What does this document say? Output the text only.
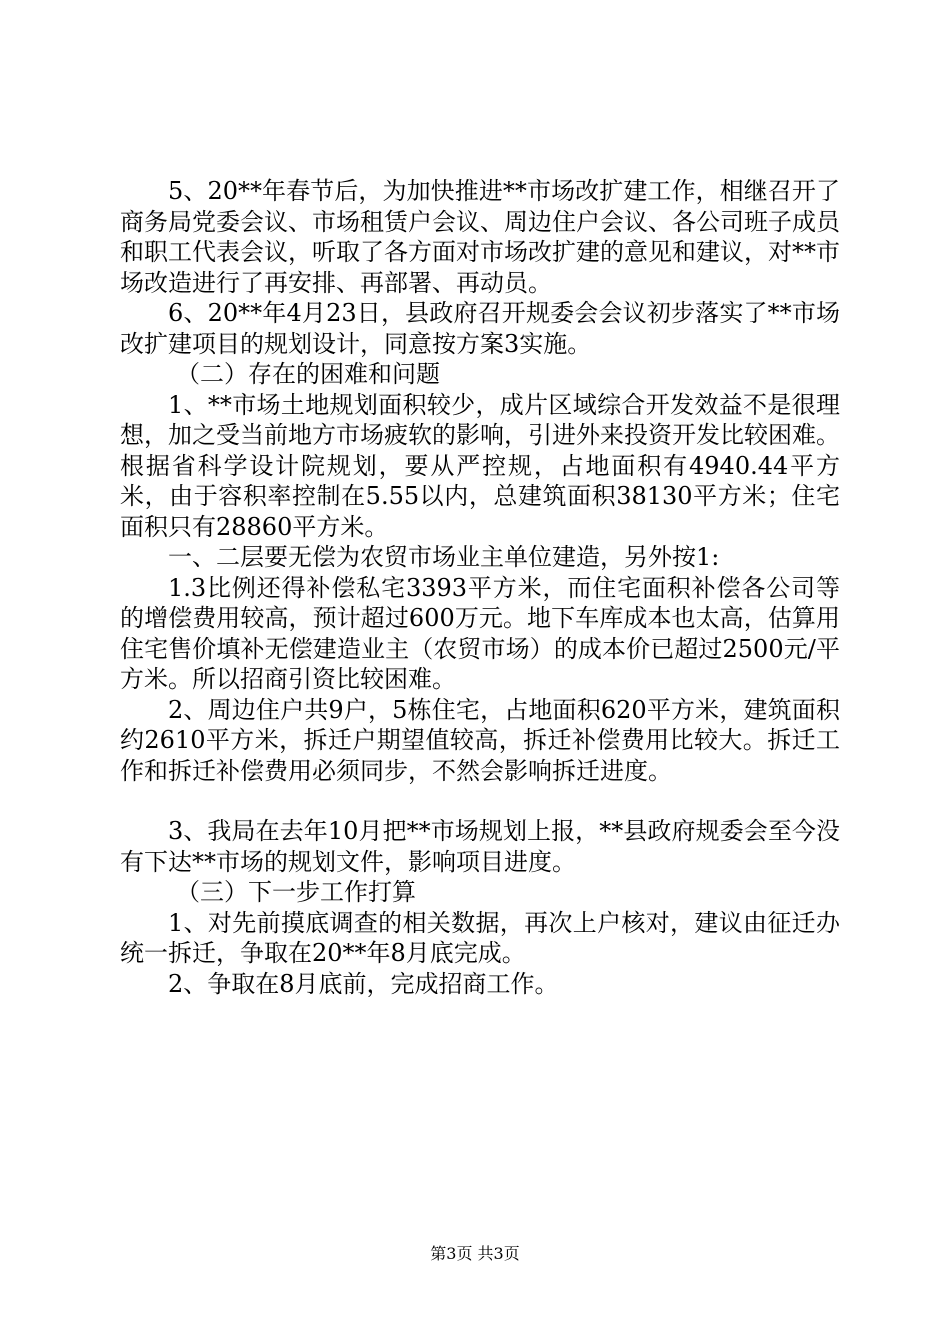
5、20**年春节后，为加快推进**市场改扩建工作，相继召开了商务局党委会议、市场租赁户会议、周边住户会议、各公司班子成员和职工代表会议，听取了各方面对市场改扩建的意见和建议，对**市场改造进行了再安排、再部署、再动员。

6、20**年4月23日，县政府召开规委会会议初步落实了**市场改扩建项目的规划设计，同意按方案3实施。

（二）存在的困难和问题

1、**市场土地规划面积较少，成片区域综合开发效益不是很理想，加之受当前地方市场疲软的影响，引进外来投资开发比较困难。根据省科学设计院规划，要从严控规，占地面积有4940.44平方米，由于容积率控制在5.55以内，总建筑面积38130平方米；住宅面积只有28860平方米。

一、二层要无偿为农贸市场业主单位建造，另外按1:

1.3比例还得补偿私宅3393平方米，而住宅面积补偿各公司等的增偿费用较高，预计超过600万元。地下车库成本也太高，估算用住宅售价填补无偿建造业主（农贸市场）的成本价已超过2500元/平方米。所以招商引资比较困难。

2、周边住户共9户，5栋住宅，占地面积620平方米，建筑面积约2610平方米，拆迁户期望值较高，拆迁补偿费用比较大。拆迁工作和拆迁补偿费用必须同步，不然会影响拆迁进度。

3、我局在去年10月把**市场规划上报，**县政府规委会至今没有下达**市场的规划文件，影响项目进度。

（三）下一步工作打算

1、对先前摸底调查的相关数据，再次上户核对，建议由征迁办统一拆迁，争取在20**年8月底完成。

2、争取在8月底前，完成招商工作。

第3页 共3页
